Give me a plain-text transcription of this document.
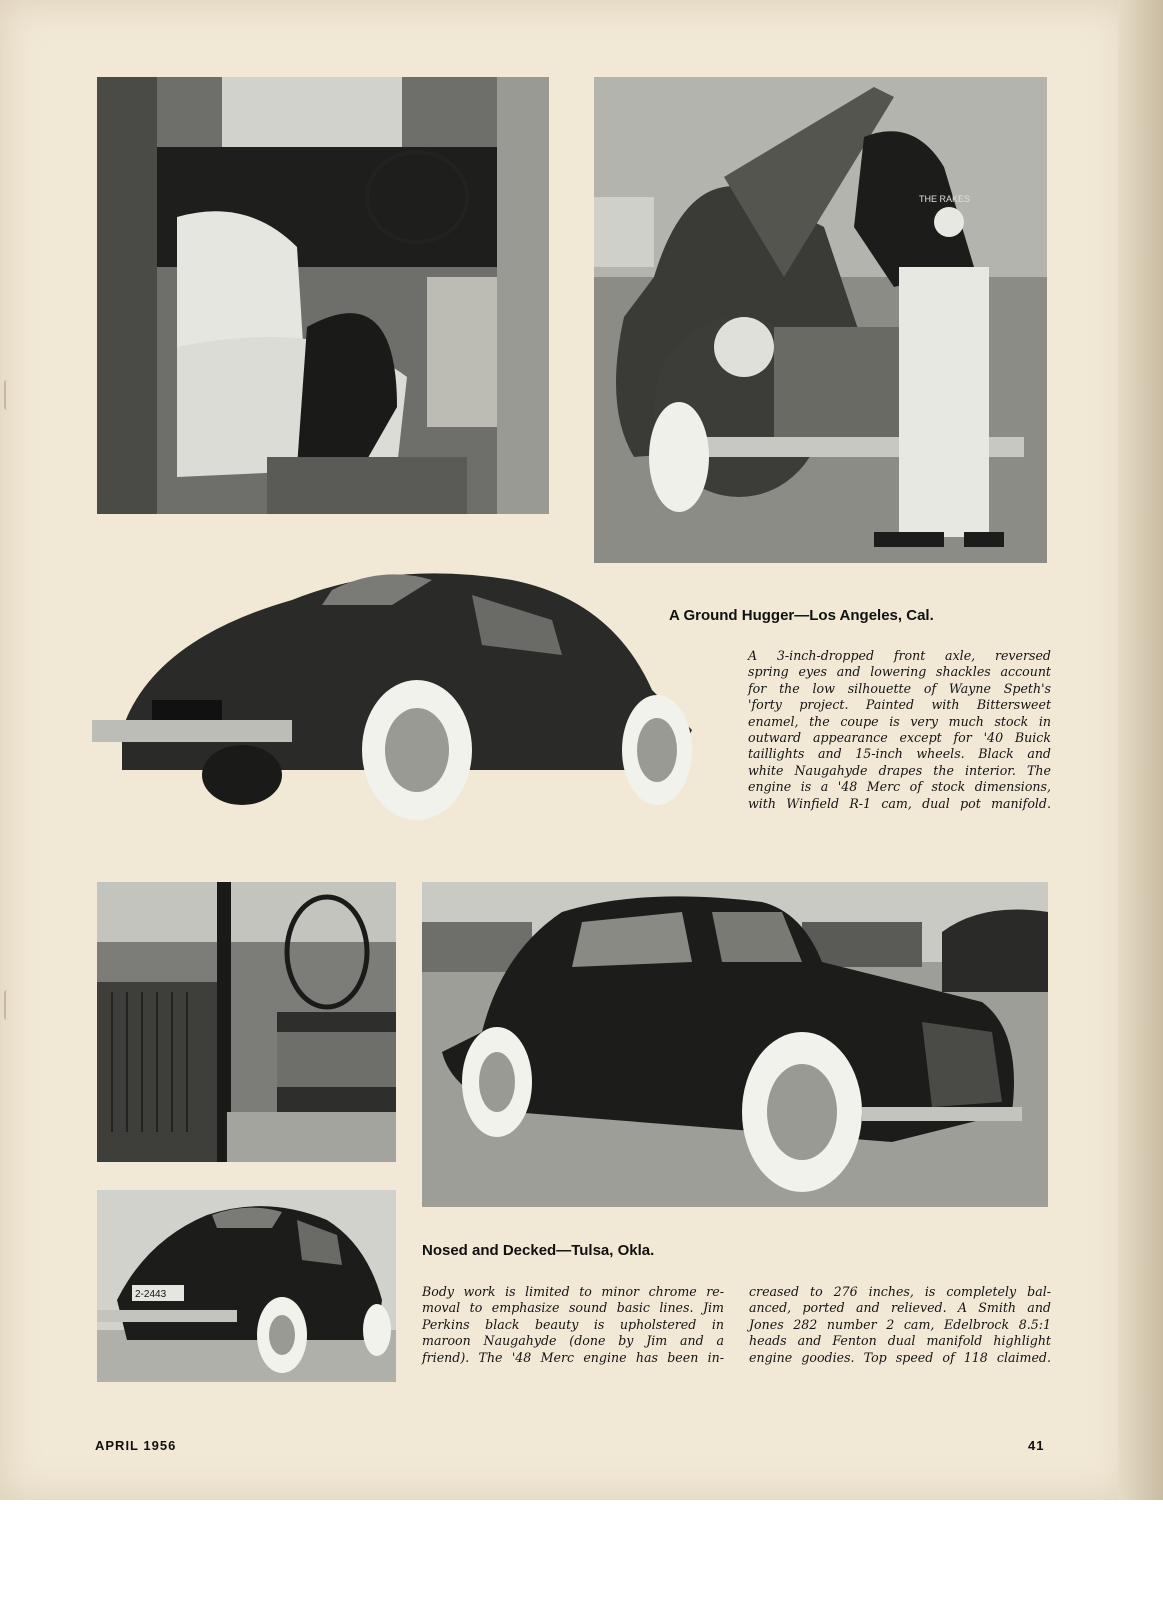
THE RAKES
A Ground Hugger—Los Angeles, Cal.
A 3-inch-dropped front axle, reversed
spring eyes and lowering shackles account
for the low silhouette of Wayne Speth's
'forty project. Painted with Bittersweet
enamel, the coupe is very much stock in
outward appearance except for '40 Buick
taillights and 15-inch wheels. Black and
white Naugahyde drapes the interior. The
engine is a '48 Merc of stock dimensions,
with Winfield R-1 cam, dual pot manifold.
2-2443
Nosed and Decked—Tulsa, Okla.
Body work is limited to minor chrome re-
moval to emphasize sound basic lines. Jim
Perkins black beauty is upholstered in
maroon Naugahyde (done by Jim and a
friend). The '48 Merc engine has been in-
creased to 276 inches, is completely bal-
anced, ported and relieved. A Smith and
Jones 282 number 2 cam, Edelbrock 8.5:1
heads and Fenton dual manifold highlight
engine goodies. Top speed of 118 claimed.
APRIL 1956	41
